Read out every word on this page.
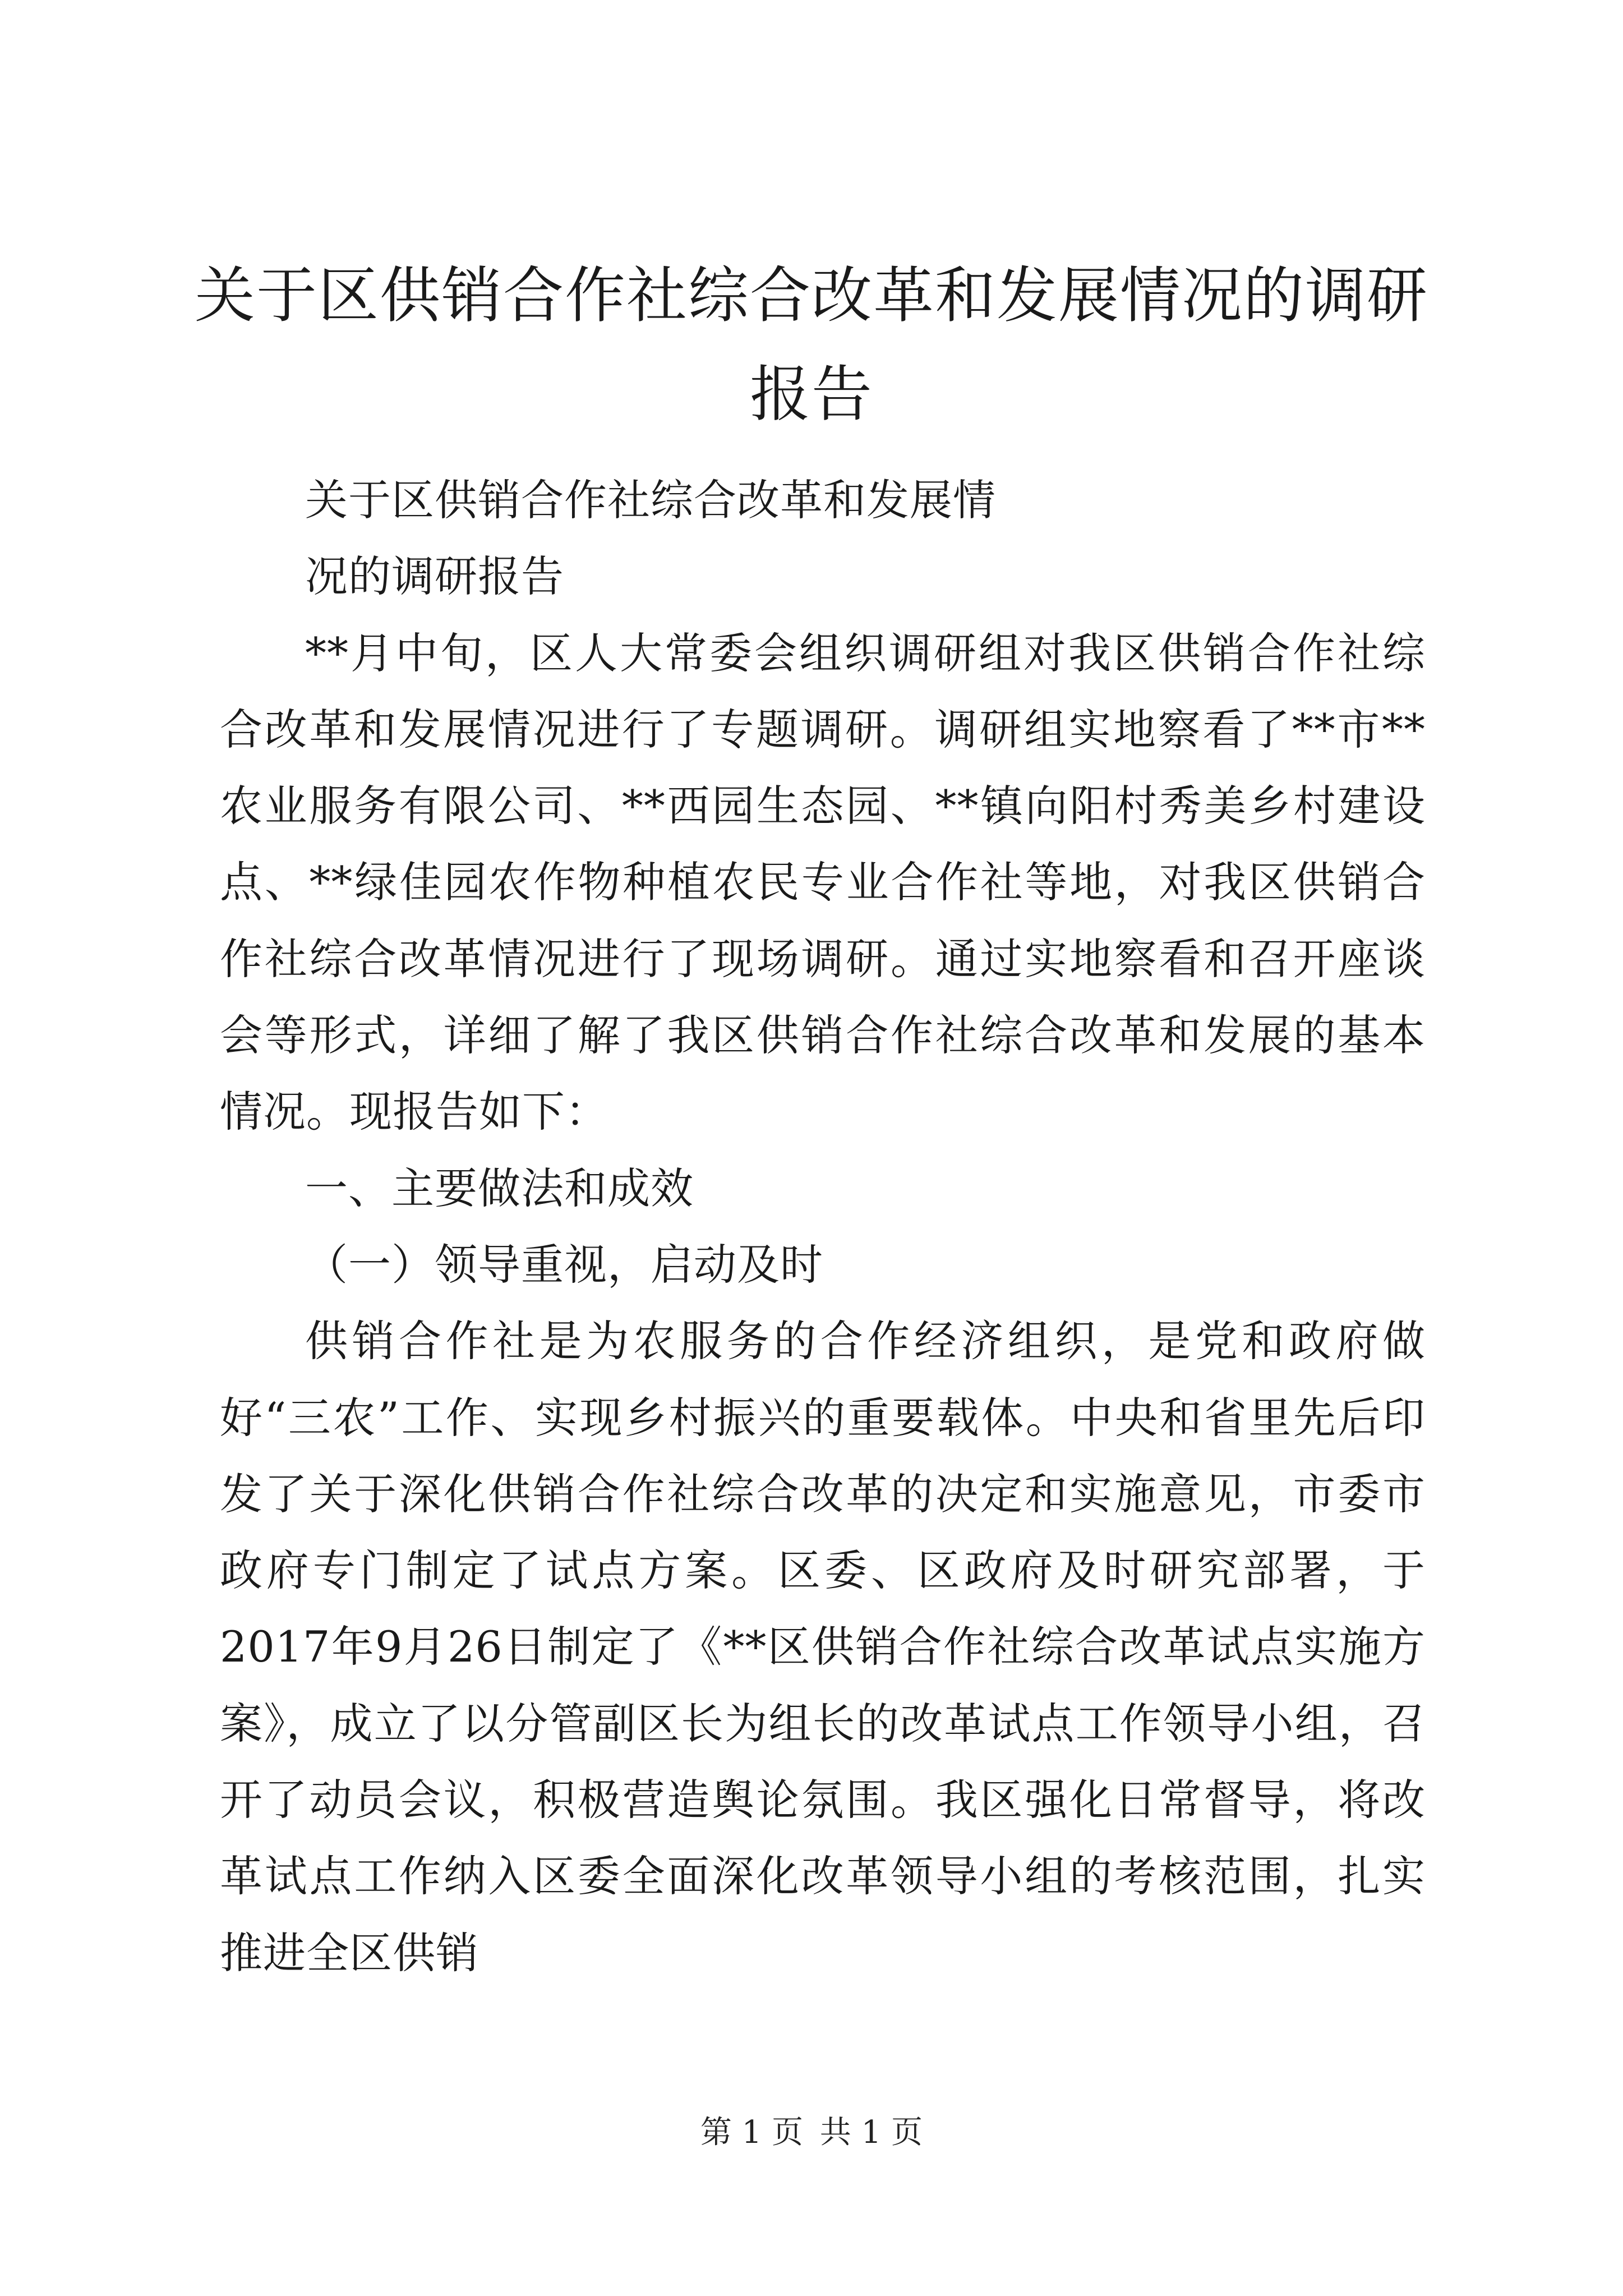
关于区供销合作社综合改革和发展情况的调研报告

关于区供销合作社综合改革和发展情

况的调研报告

**月中旬，区人大常委会组织调研组对我区供销合作社综合改革和发展情况进行了专题调研。调研组实地察看了**市**农业服务有限公司、**西园生态园、**镇向阳村秀美乡村建设点、**绿佳园农作物种植农民专业合作社等地，对我区供销合作社综合改革情况进行了现场调研。通过实地察看和召开座谈会等形式，详细了解了我区供销合作社综合改革和发展的基本情况。现报告如下：

一、主要做法和成效

（一）领导重视，启动及时

供销合作社是为农服务的合作经济组织，是党和政府做好“三农”工作、实现乡村振兴的重要载体。中央和省里先后印发了关于深化供销合作社综合改革的决定和实施意见，市委市政府专门制定了试点方案。区委、区政府及时研究部署，于2017年9月26日制定了《**区供销合作社综合改革试点实施方案》，成立了以分管副区长为组长的改革试点工作领导小组，召开了动员会议，积极营造舆论氛围。我区强化日常督导，将改革试点工作纳入区委全面深化改革领导小组的考核范围，扎实推进全区供销

第 1 页 共 1 页
